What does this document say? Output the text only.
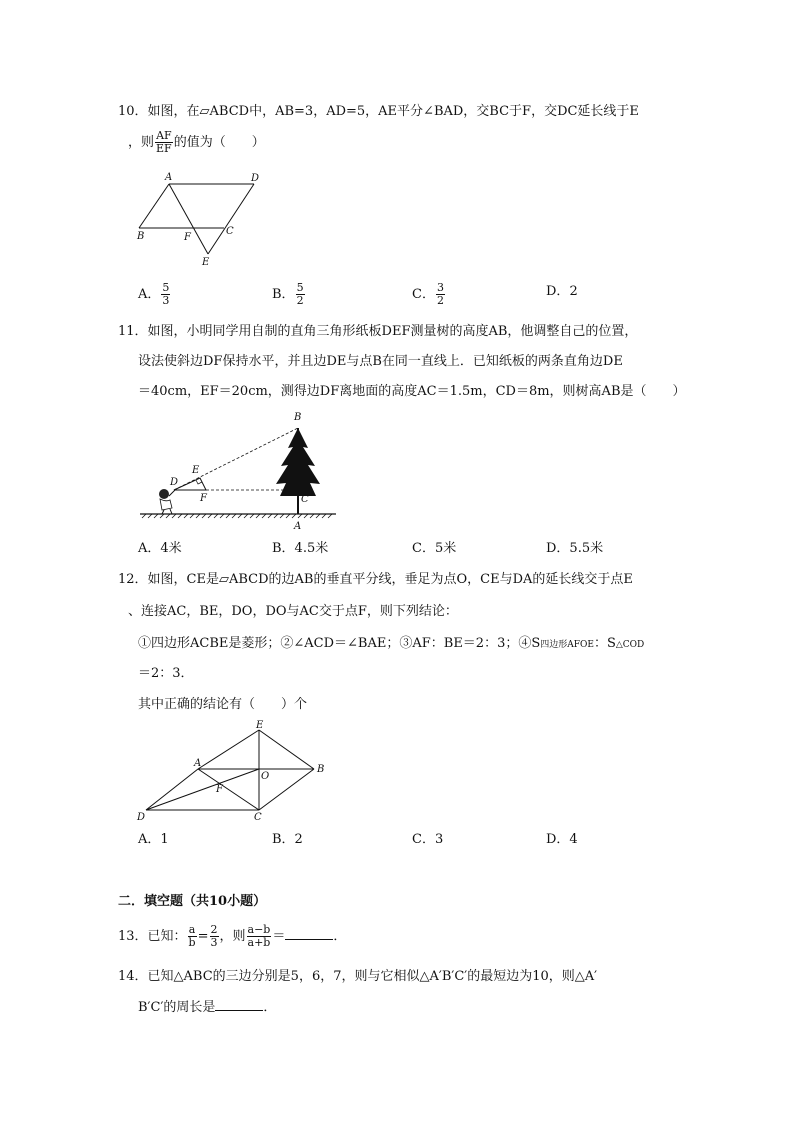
10．如图，在▱ABCD中，AB=3，AD=5，AE平分∠BAD，交BC于F，交DC延长线于E
，则 $\frac{AF}{EF}$ 的值为（　　）
A	D
B	F
C
E
A． $\frac{5}{3}$	B． $\frac{5}{2}$	C． $\frac{3}{2}$	D．2
11．如图，小明同学用自制的直角三角形纸板DEF测量树的高度AB，他调整自己的位置，
设法使斜边DF保持水平，并且边DE与点B在同一直线上．已知纸板的两条直角边DE
＝40cm，EF＝20cm，测得边DF离地面的高度AC＝1.5m，CD＝8m，则树高AB是（　　）
B
E
D
F	C
A
A．4米	B．4.5米	C．5米	D．5.5米
12．如图，CE是▱ABCD的边AB的垂直平分线，垂足为点O，CE与DA的延长线交于点E
、连接AC，BE，DO，DO与AC交于点F，则下列结论：
①四边形ACBE是菱形；②∠ACD＝∠BAE；③AF：BE＝2：3；④S四边形AFOE：S△COD
＝2：3．
其中正确的结论有（　　）个
E
A
O
B
F
D	C
A．1	B．2	C．3	D．4
二．填空题（共10小题）
13．已知： $\frac{a}{b} = \frac{2}{3}$ ，则 $\frac{a-b}{a+b}$ ＝	．
14．已知△ABC的三边分别是5，6，7，则与它相似△A′B′C′的最短边为10，则△A′
B′C′的周长是	．
